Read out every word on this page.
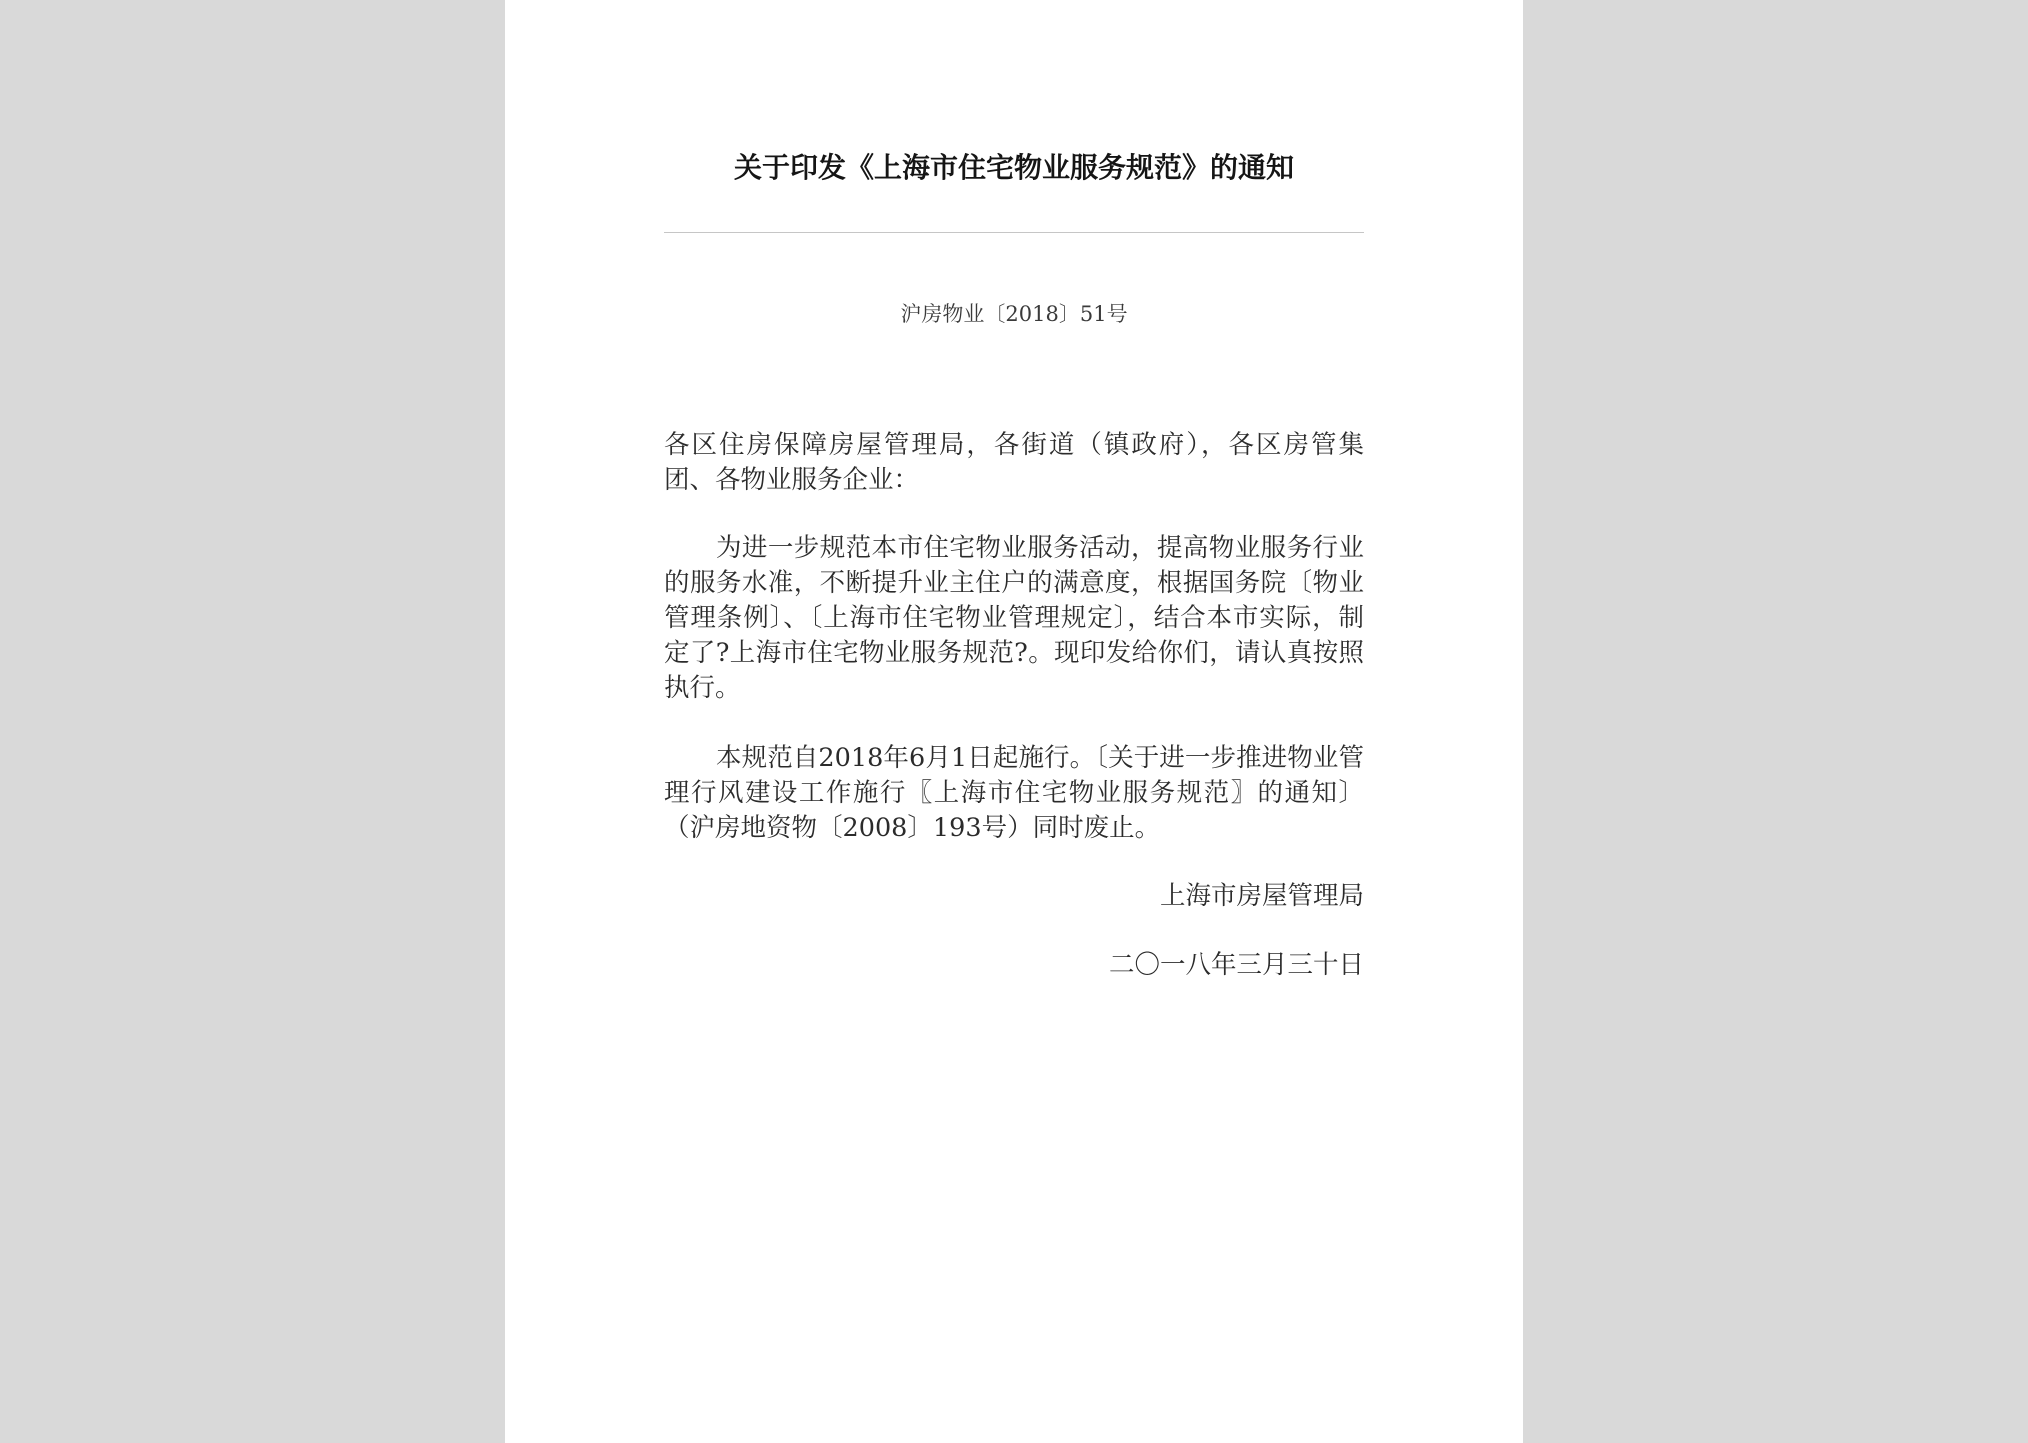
关于印发《上海市住宅物业服务规范》的通知
沪房物业〔2018〕51号
各区住房保障房屋管理局，各街道（镇政府），各区房管集团、各物业服务企业：
为进一步规范本市住宅物业服务活动，提高物业服务行业的服务水准，不断提升业主住户的满意度，根据国务院〔物业管理条例〕、〔上海市住宅物业管理规定〕，结合本市实际，制 定了?上海市住宅物业服务规范?。现印发给你们，请认真按照执行。
本规范自2018年6月1日起施行。〔关于进一步推进物业管理行风建设工作施行〖上海市住宅物业服务规范〗的通知〕（沪房地资物〔2008〕193号）同时废止。
上海市房屋管理局
二〇一八年三月三十日
